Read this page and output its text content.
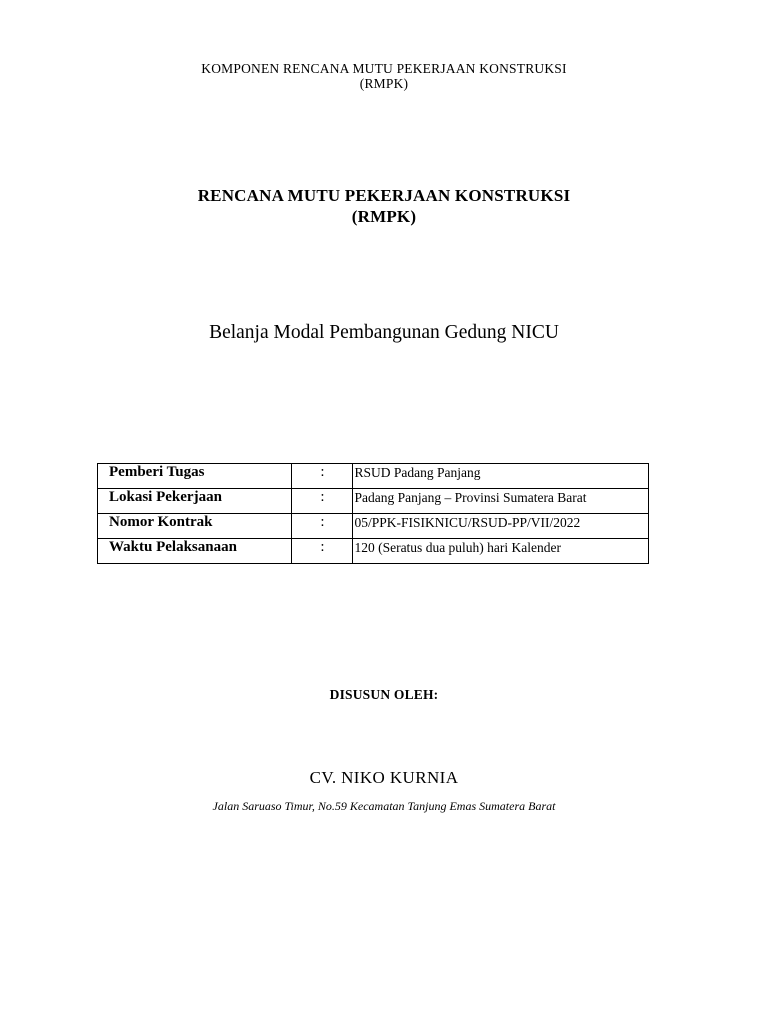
KOMPONEN RENCANA MUTU PEKERJAAN KONSTRUKSI
(RMPK)
RENCANA MUTU PEKERJAAN KONSTRUKSI
(RMPK)
Belanja Modal Pembangunan Gedung NICU
Pemberi Tugas	:	RSUD Padang Panjang
Lokasi Pekerjaan	:	Padang Panjang – Provinsi Sumatera Barat
Nomor Kontrak	:	05/PPK-FISIKNICU/RSUD-PP/VII/2022
Waktu Pelaksanaan	:	120 (Seratus dua puluh) hari Kalender
DISUSUN OLEH:
CV. NIKO KURNIA
Jalan Saruaso Timur, No.59 Kecamatan Tanjung Emas Sumatera Barat
